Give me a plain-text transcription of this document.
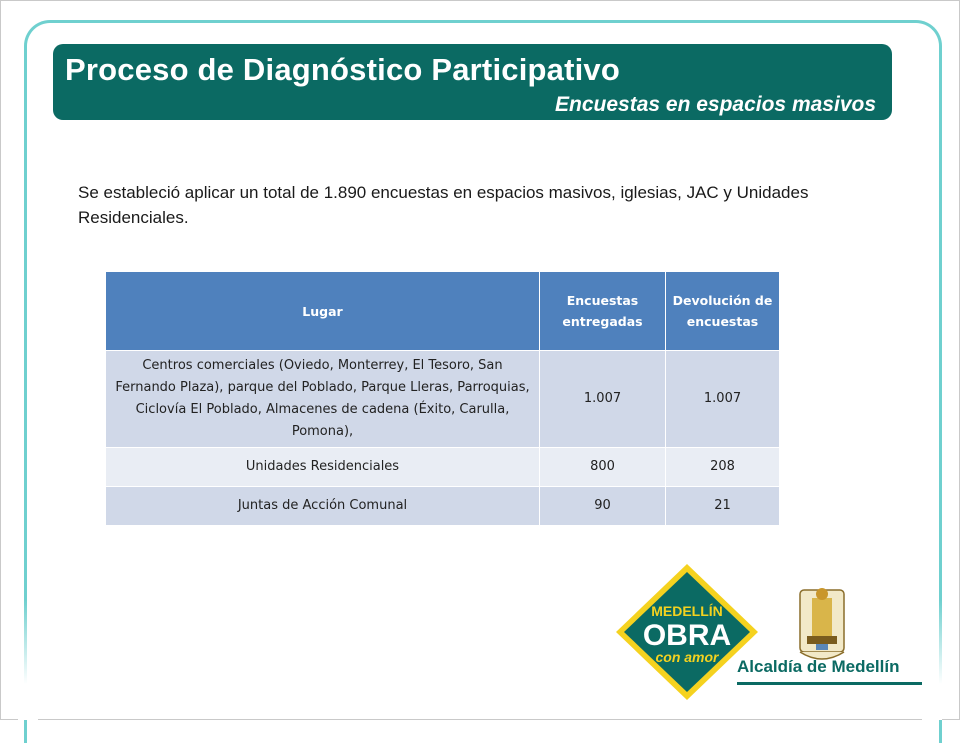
Proceso de Diagnóstico Participativo
Encuestas en espacios masivos

Se estableció aplicar un total de 1.890 encuestas en espacios masivos, iglesias, JAC y Unidades Residenciales.

Lugar	Encuestas entregadas	Devolución de encuestas
Centros comerciales (Oviedo, Monterrey, El Tesoro, San Fernando Plaza), parque del Poblado, Parque Lleras, Parroquias, Ciclovía El Poblado, Almacenes de cadena (Éxito, Carulla, Pomona),	1.007	1.007
Unidades Residenciales	800	208
Juntas de Acción Comunal	90	21
MEDELLÍN
OBRA
con amor Alcaldía de Medellín
